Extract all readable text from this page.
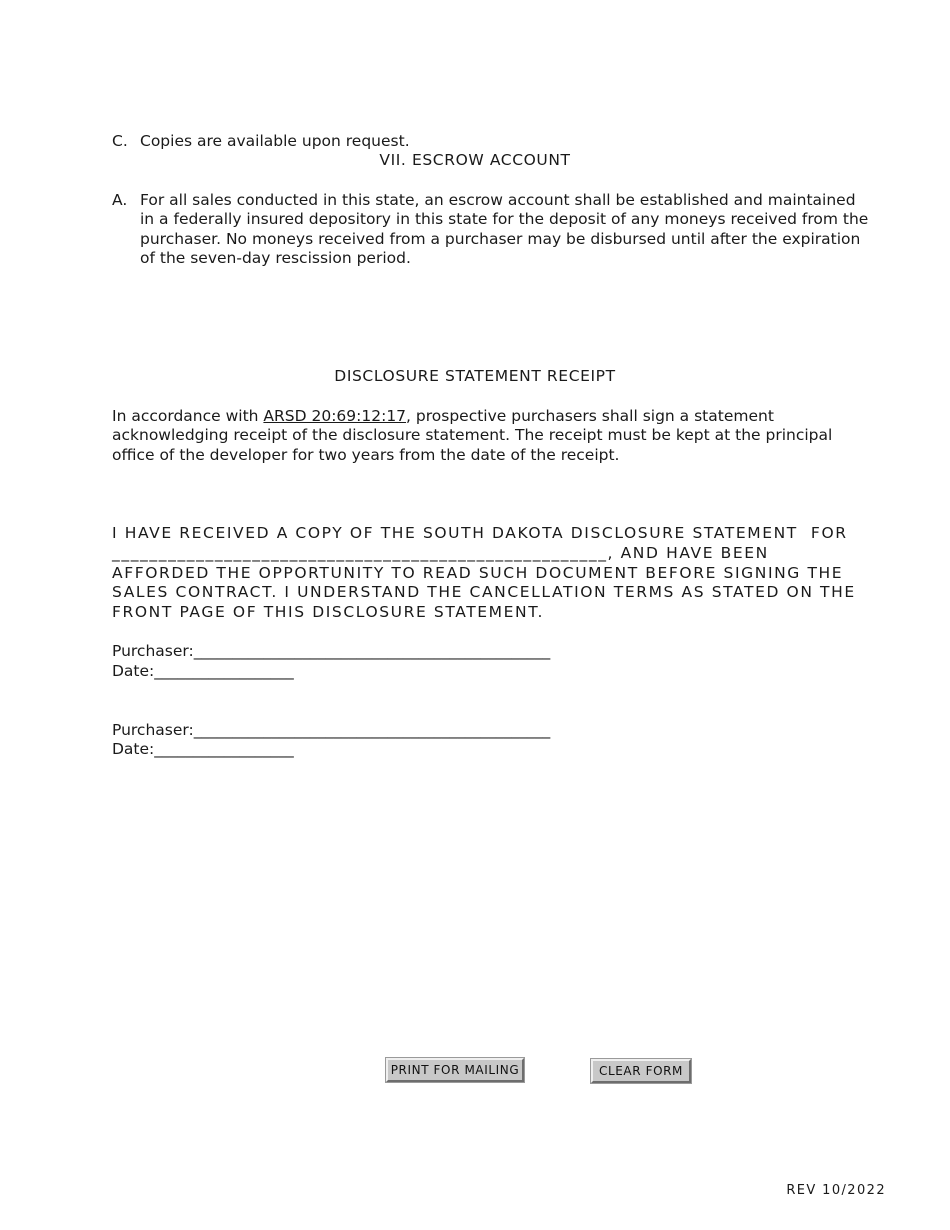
C. Copies are available upon request.
VII. ESCROW ACCOUNT
A. For all sales conducted in this state, an escrow account shall be established and maintained
in a federally insured depository in this state for the deposit of any moneys received from the
purchaser. No moneys received from a purchaser may be disbursed until after the expiration
of the seven-day rescission period.
DISCLOSURE STATEMENT RECEIPT
In accordance with ARSD 20:69:12:17, prospective purchasers shall sign a statement
acknowledging receipt of the disclosure statement. The receipt must be kept at the principal
office of the developer for two years from the date of the receipt.
I HAVE RECEIVED A COPY OF THE SOUTH DAKOTA DISCLOSURE STATEMENT  FOR
_____________________________________________________, AND HAVE BEEN
AFFORDED THE OPPORTUNITY TO READ SUCH DOCUMENT BEFORE SIGNING THE
SALES CONTRACT. I UNDERSTAND THE CANCELLATION TERMS AS STATED ON THE
FRONT PAGE OF THIS DISCLOSURE STATEMENT.
Purchaser:______________________________________________
Date:__________________
Purchaser:______________________________________________
Date:__________________
PRINT FOR MAILING	CLEAR FORM
REV 10/2022
